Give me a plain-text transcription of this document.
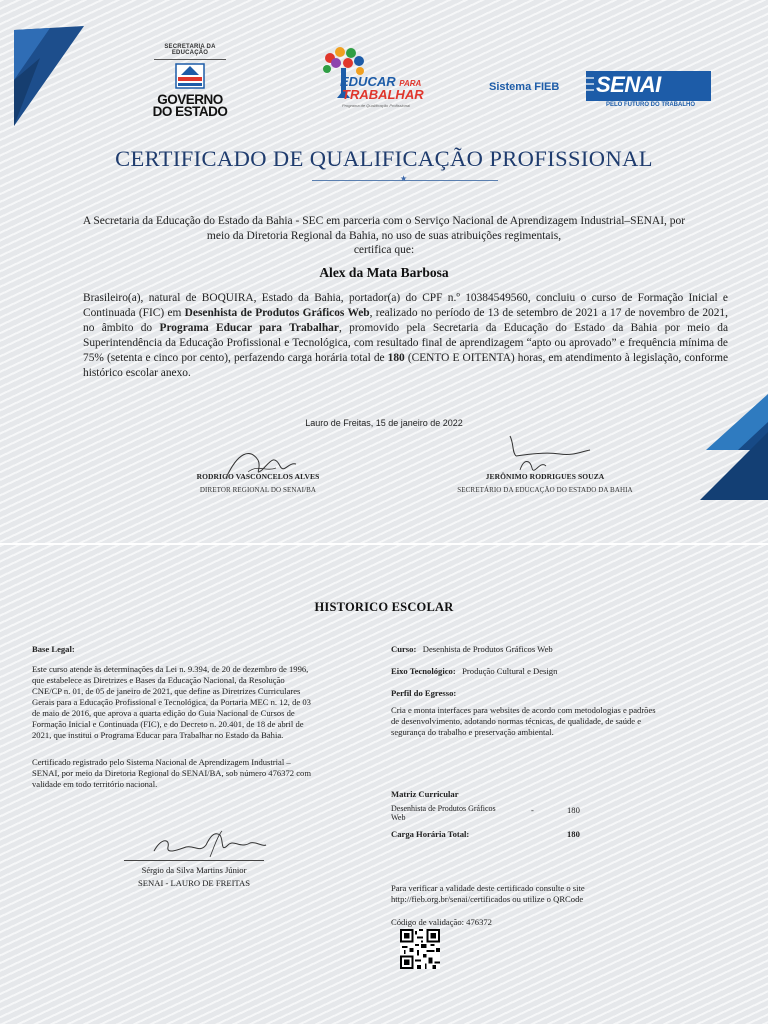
SECRETARIA DA EDUCAÇÃO
GOVERNO
DO ESTADO
EDUCAR PARA
TRABALHAR
Programa de Qualificação Profissional
Sistema FIEB SENAI
PELO FUTURO DO TRABALHO
CERTIFICADO DE QUALIFICAÇÃO PROFISSIONAL
★
A Secretaria da Educação do Estado da Bahia - SEC em parceria com o Serviço Nacional de Aprendizagem Industrial–SENAI, por
meio da Diretoria Regional da Bahia, no uso de suas atribuições regimentais,
certifica que:
Alex da Mata Barbosa
Brasileiro(a), natural de BOQUIRA, Estado da Bahia, portador(a) do CPF n.º 10384549560, concluiu o curso de Formação Inicial e Continuada (FIC) em Desenhista de Produtos Gráficos Web, realizado no período de 13 de setembro de 2021 a 17 de novembro de 2021, no âmbito do Programa Educar para Trabalhar, promovido pela Secretaria da Educação do Estado da Bahia por meio da Superintendência da Educação Profissional e Tecnológica, com resultado final de aprendizagem “apto ou aprovado” e frequência mínima de 75% (setenta e cinco por cento), perfazendo carga horária total de 180 (CENTO E OITENTA) horas, em atendimento à legislação, conforme histórico escolar anexo.
Lauro de Freitas, 15 de janeiro de 2022
RODRIGO VASCONCELOS ALVES
DIRETOR REGIONAL DO SENAI/BA
JERÔNIMO RODRIGUES SOUZA
SECRETÁRIO DA EDUCAÇÃO DO ESTADO DA BAHIA
HISTORICO ESCOLAR
Base Legal:
Este curso atende às determinações da Lei n. 9.394, de 20 de dezembro de 1996,
que estabelece as Diretrizes e Bases da Educação Nacional, da Resolução
CNE/CP n. 01, de 05 de janeiro de 2021, que define as Diretrizes Curriculares
Gerais para a Educação Profissional e Tecnológica, da Portaria MEC n. 12, de 03
de maio de 2016, que aprova a quarta edição do Guia Nacional de Cursos de
Formação Inicial e Continuada (FIC), e do Decreto n. 20.401, de 18 de abril de
2021, que institui o Programa Educar para Trabalhar no Estado da Bahia.
Certificado registrado pelo Sistema Nacional de Aprendizagem Industrial –
SENAI, por meio da Diretoria Regional do SENAI/BA, sob número 476372 com
validade em todo território nacional.
Sérgio da Silva Martins Júnior
SENAI - LAURO DE FREITAS
Curso: Desenhista de Produtos Gráficos Web
Eixo Tecnológico: Produção Cultural e Design
Perfil do Egresso:
Cria e monta interfaces para websites de acordo com metodologias e padrões
de desenvolvimento, adotando normas técnicas, de qualidade, de saúde e
segurança do trabalho e preservação ambiental.
Matriz Curricular
Desenhista de Produtos Gráficos
Web
-	180
Carga Horária Total:	180
Para verificar a validade deste certificado consulte o site
http://fieb.org.br/senai/certificados ou utilize o QRCode
Código de validação: 476372
